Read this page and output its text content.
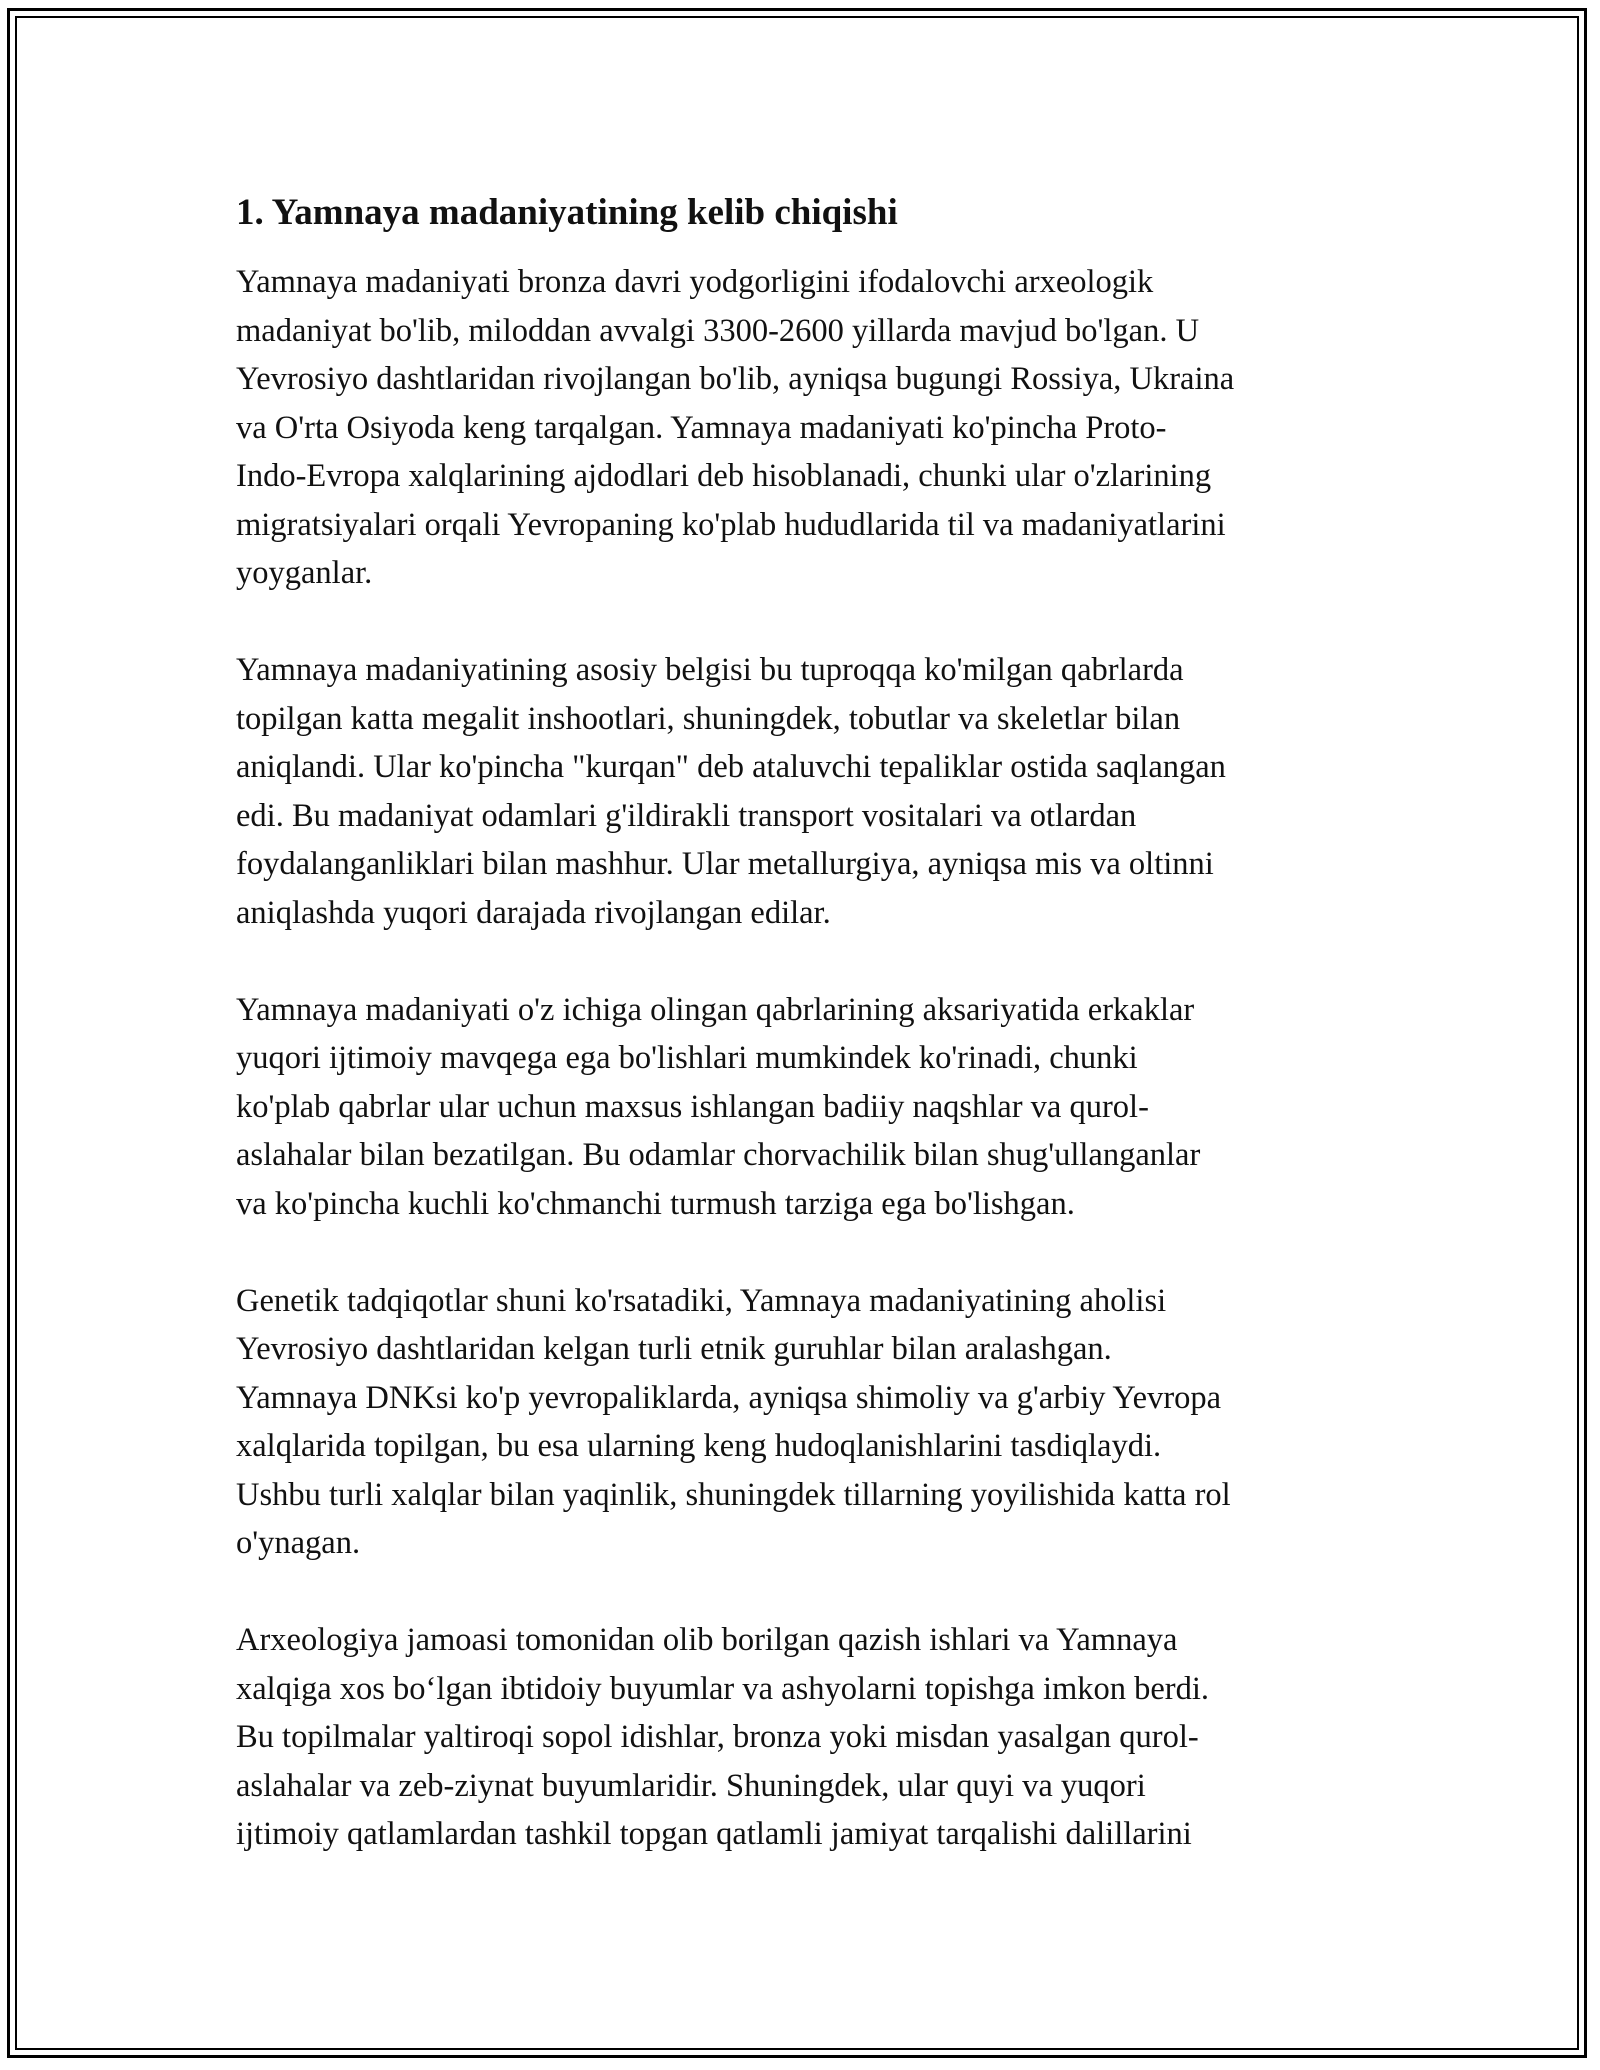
1. Yamnaya madaniyatining kelib chiqishi

Yamnaya madaniyati bronza davri yodgorligini ifodalovchi arxeologik
madaniyat bo'lib, miloddan avvalgi 3300-2600 yillarda mavjud bo'lgan. U
Yevrosiyo dashtlaridan rivojlangan bo'lib, ayniqsa bugungi Rossiya, Ukraina
va O'rta Osiyoda keng tarqalgan. Yamnaya madaniyati ko'pincha Proto-
Indo-Evropa xalqlarining ajdodlari deb hisoblanadi, chunki ular o'zlarining
migratsiyalari orqali Yevropaning ko'plab hududlarida til va madaniyatlarini
yoyganlar.

Yamnaya madaniyatining asosiy belgisi bu tuproqqa ko'milgan qabrlarda
topilgan katta megalit inshootlari, shuningdek, tobutlar va skeletlar bilan
aniqlandi. Ular ko'pincha "kurqan" deb ataluvchi tepaliklar ostida saqlangan
edi. Bu madaniyat odamlari g'ildirakli transport vositalari va otlardan
foydalanganliklari bilan mashhur. Ular metallurgiya, ayniqsa mis va oltinni
aniqlashda yuqori darajada rivojlangan edilar.

Yamnaya madaniyati o'z ichiga olingan qabrlarining aksariyatida erkaklar
yuqori ijtimoiy mavqega ega bo'lishlari mumkindek ko'rinadi, chunki
ko'plab qabrlar ular uchun maxsus ishlangan badiiy naqshlar va qurol-
aslahalar bilan bezatilgan. Bu odamlar chorvachilik bilan shug'ullanganlar
va ko'pincha kuchli ko'chmanchi turmush tarziga ega bo'lishgan.

Genetik tadqiqotlar shuni ko'rsatadiki, Yamnaya madaniyatining aholisi
Yevrosiyo dashtlaridan kelgan turli etnik guruhlar bilan aralashgan.
Yamnaya DNKsi ko'p yevropaliklarda, ayniqsa shimoliy va g'arbiy Yevropa
xalqlarida topilgan, bu esa ularning keng hudoqlanishlarini tasdiqlaydi.
Ushbu turli xalqlar bilan yaqinlik, shuningdek tillarning yoyilishida katta rol
o'ynagan.

Arxeologiya jamoasi tomonidan olib borilgan qazish ishlari va Yamnaya
xalqiga xos bo‘lgan ibtidoiy buyumlar va ashyolarni topishga imkon berdi.
Bu topilmalar yaltiroqi sopol idishlar, bronza yoki misdan yasalgan qurol-
aslahalar va zeb-ziynat buyumlaridir. Shuningdek, ular quyi va yuqori
ijtimoiy qatlamlardan tashkil topgan qatlamli jamiyat tarqalishi dalillarini
